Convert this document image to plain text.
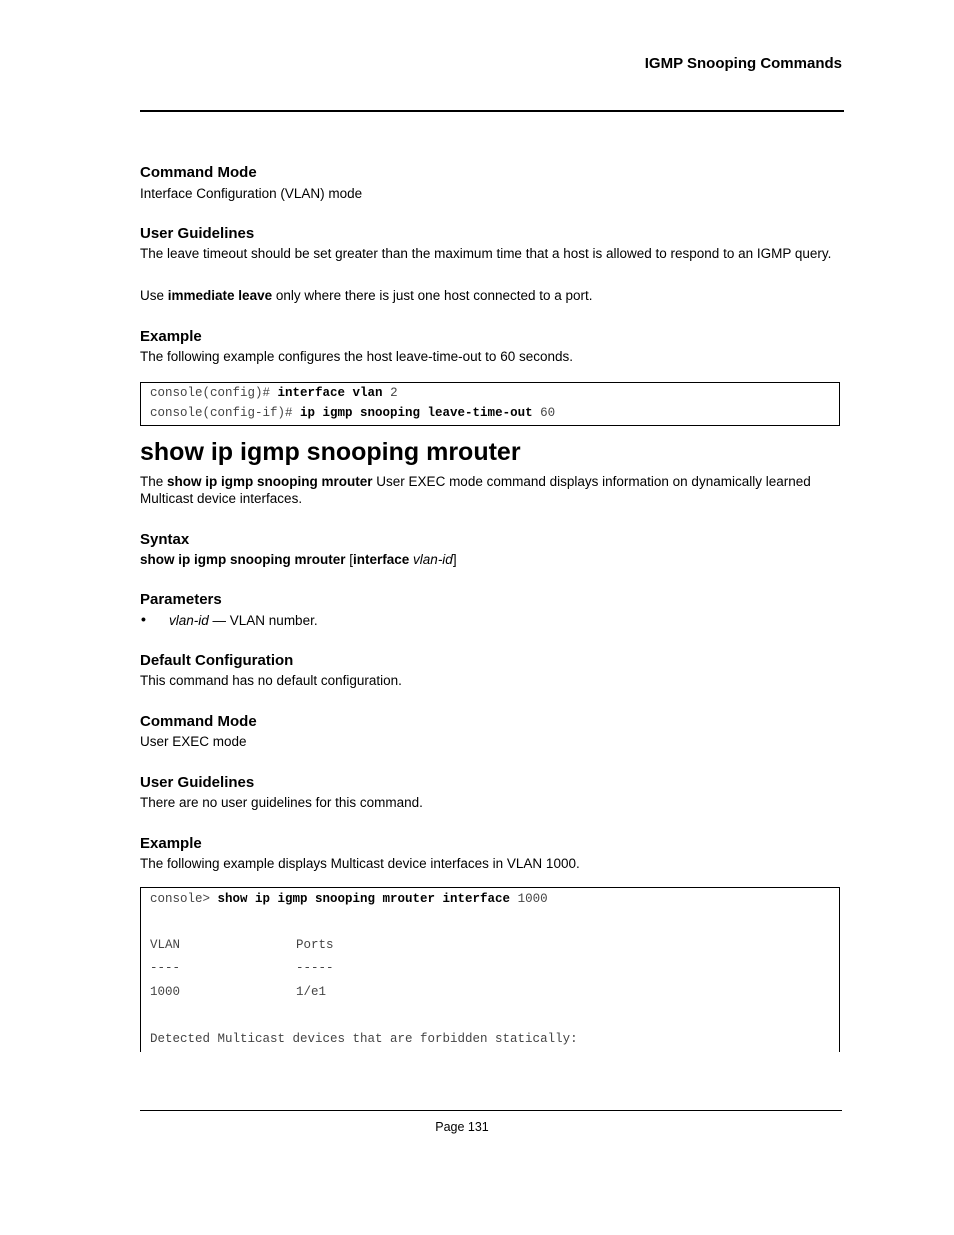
IGMP Snooping Commands
Command Mode
Interface Configuration (VLAN) mode
User Guidelines
The leave timeout should be set greater than the maximum time that a host is allowed to respond to an IGMP query.
Use immediate leave only where there is just one host connected to a port.
Example
The following example configures the host leave-time-out to 60 seconds.
console(config)# interface vlan 2
console(config-if)# ip igmp snooping leave-time-out 60
show ip igmp snooping mrouter
The show ip igmp snooping mrouter User EXEC mode command displays information on dynamically learned Multicast device interfaces.
Syntax
show ip igmp snooping mrouter [interface vlan-id]
Parameters
• vlan-id — VLAN number.
Default Configuration
This command has no default configuration.
Command Mode
User EXEC mode
User Guidelines
There are no user guidelines for this command.
Example
The following example displays Multicast device interfaces in VLAN 1000.
console> show ip igmp snooping mrouter interface 1000
VLAN	Ports
----	-----
1000	1/e1
Detected Multicast devices that are forbidden statically:
Page 131
